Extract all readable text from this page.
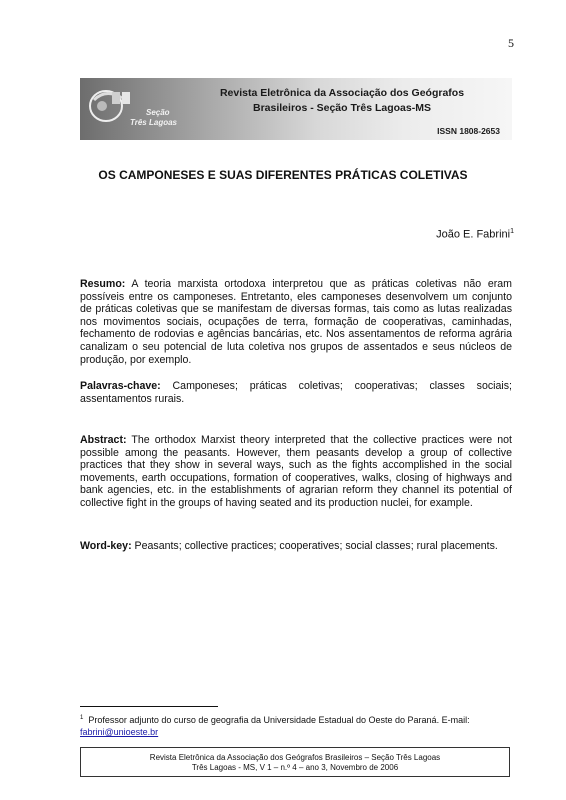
5
Seção
Três Lagoas
Revista Eletrônica da Associação dos Geógrafos
Brasileiros - Seção Três Lagoas-MS
ISSN 1808-2653
OS CAMPONESES E SUAS DIFERENTES PRÁTICAS COLETIVAS
João E. Fabrini$^1$
Resumo: A teoria marxista ortodoxa interpretou que as práticas coletivas não eram possíveis entre os camponeses. Entretanto, eles camponeses desenvolvem um conjunto de práticas coletivas que se manifestam de diversas formas, tais como as lutas realizadas nos movimentos sociais, ocupações de terra, formação de cooperativas, caminhadas, fechamento de rodovias e agências bancárias, etc. Nos assentamentos de reforma agrária canalizam o seu potencial de luta coletiva nos grupos de assentados e seus núcleos de produção, por exemplo.
Palavras-chave: Camponeses; práticas coletivas; cooperativas; classes sociais; assentamentos rurais.
Abstract: The orthodox Marxist theory interpreted that the collective practices were not possible among the peasants. However, them peasants develop a group of collective practices that they show in several ways, such as the fights accomplished in the social movements, earth occupations, formation of cooperatives, walks, closing of highways and bank agencies, etc. in the establishments of agrarian reform they channel its potential of collective fight in the groups of having seated and its production nuclei, for example.
Word-key: Peasants; collective practices; cooperatives; social classes; rural placements.
$^1$ Professor adjunto do curso de geografia da Universidade Estadual do Oeste do Paraná. E-mail: fabrini@unioeste.br
Revista Eletrônica da Associação dos Geógrafos Brasileiros – Seção Três Lagoas
Três Lagoas - MS, V 1 – n.º 4 – ano 3, Novembro de 2006
